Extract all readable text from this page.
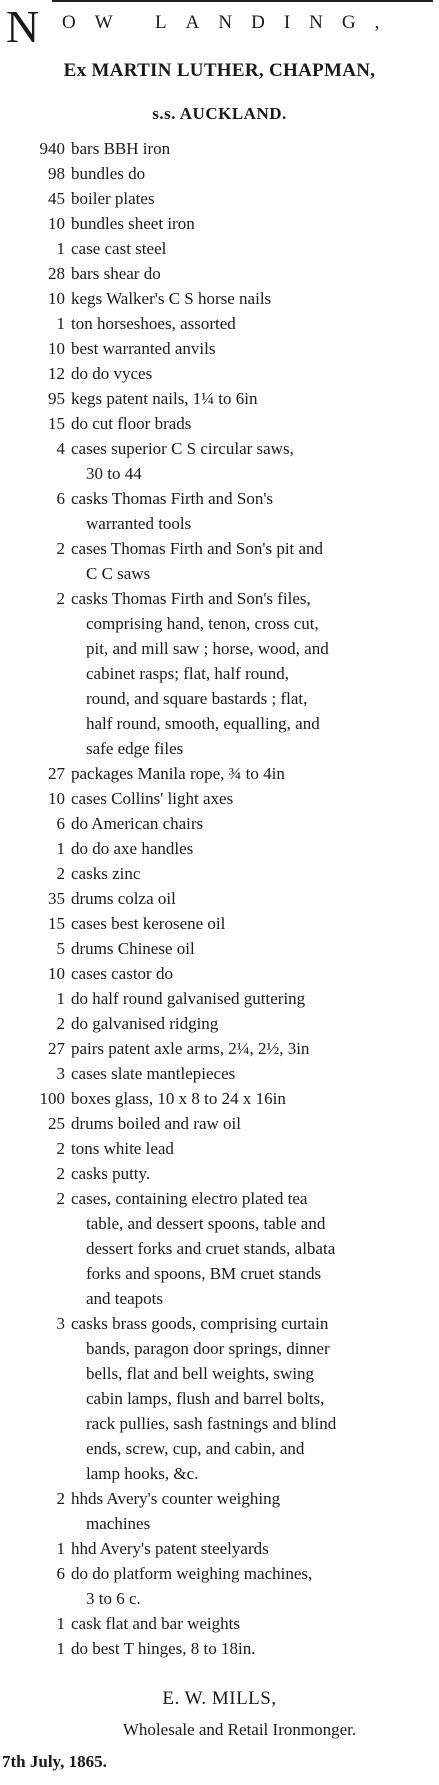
N OW LANDING,
Ex MARTIN LUTHER, CHAPMAN,
s.s. AUCKLAND.
940 bars BBH iron
98 bundles do
45 boiler plates
10 bundles sheet iron
1 case cast steel
28 bars shear do
10 kegs Walker's C S horse nails
1 ton horseshoes, assorted
10 best warranted anvils
12 do do vyces
95 kegs patent nails, 1¼ to 6in
15 do cut floor brads
4 cases superior C S circular saws,
30 to 44
6 casks Thomas Firth and Son's
warranted tools
2 cases Thomas Firth and Son's pit and
C C saws
2 casks Thomas Firth and Son's files,
comprising hand, tenon, cross cut,
pit, and mill saw ; horse, wood, and
cabinet rasps; flat, half round,
round, and square bastards ; flat,
half round, smooth, equalling, and
safe edge files
27 packages Manila rope, ¾ to 4in
10 cases Collins' light axes
6 do American chairs
1 do do axe handles
2 casks zinc
35 drums colza oil
15 cases best kerosene oil
5 drums Chinese oil
10 cases castor do
1 do half round galvanised guttering
2 do galvanised ridging
27 pairs patent axle arms, 2¼, 2½, 3in
3 cases slate mantlepieces
100 boxes glass, 10 x 8 to 24 x 16in
25 drums boiled and raw oil
2 tons white lead
2 casks putty.
2 cases, containing electro plated tea
table, and dessert spoons, table and
dessert forks and cruet stands, albata
forks and spoons, BM cruet stands
and teapots
3 casks brass goods, comprising curtain
bands, paragon door springs, dinner
bells, flat and bell weights, swing
cabin lamps, flush and barrel bolts,
rack pullies, sash fastnings and blind
ends, screw, cup, and cabin, and
lamp hooks, &c.
2 hhds Avery's counter weighing
machines
1 hhd Avery's patent steelyards
6 do do platform weighing machines,
3 to 6 c.
1 cask flat and bar weights
1 do best T hinges, 8 to 18in.
E. W. MILLS,
Wholesale and Retail Ironmonger.
7th July, 1865.
